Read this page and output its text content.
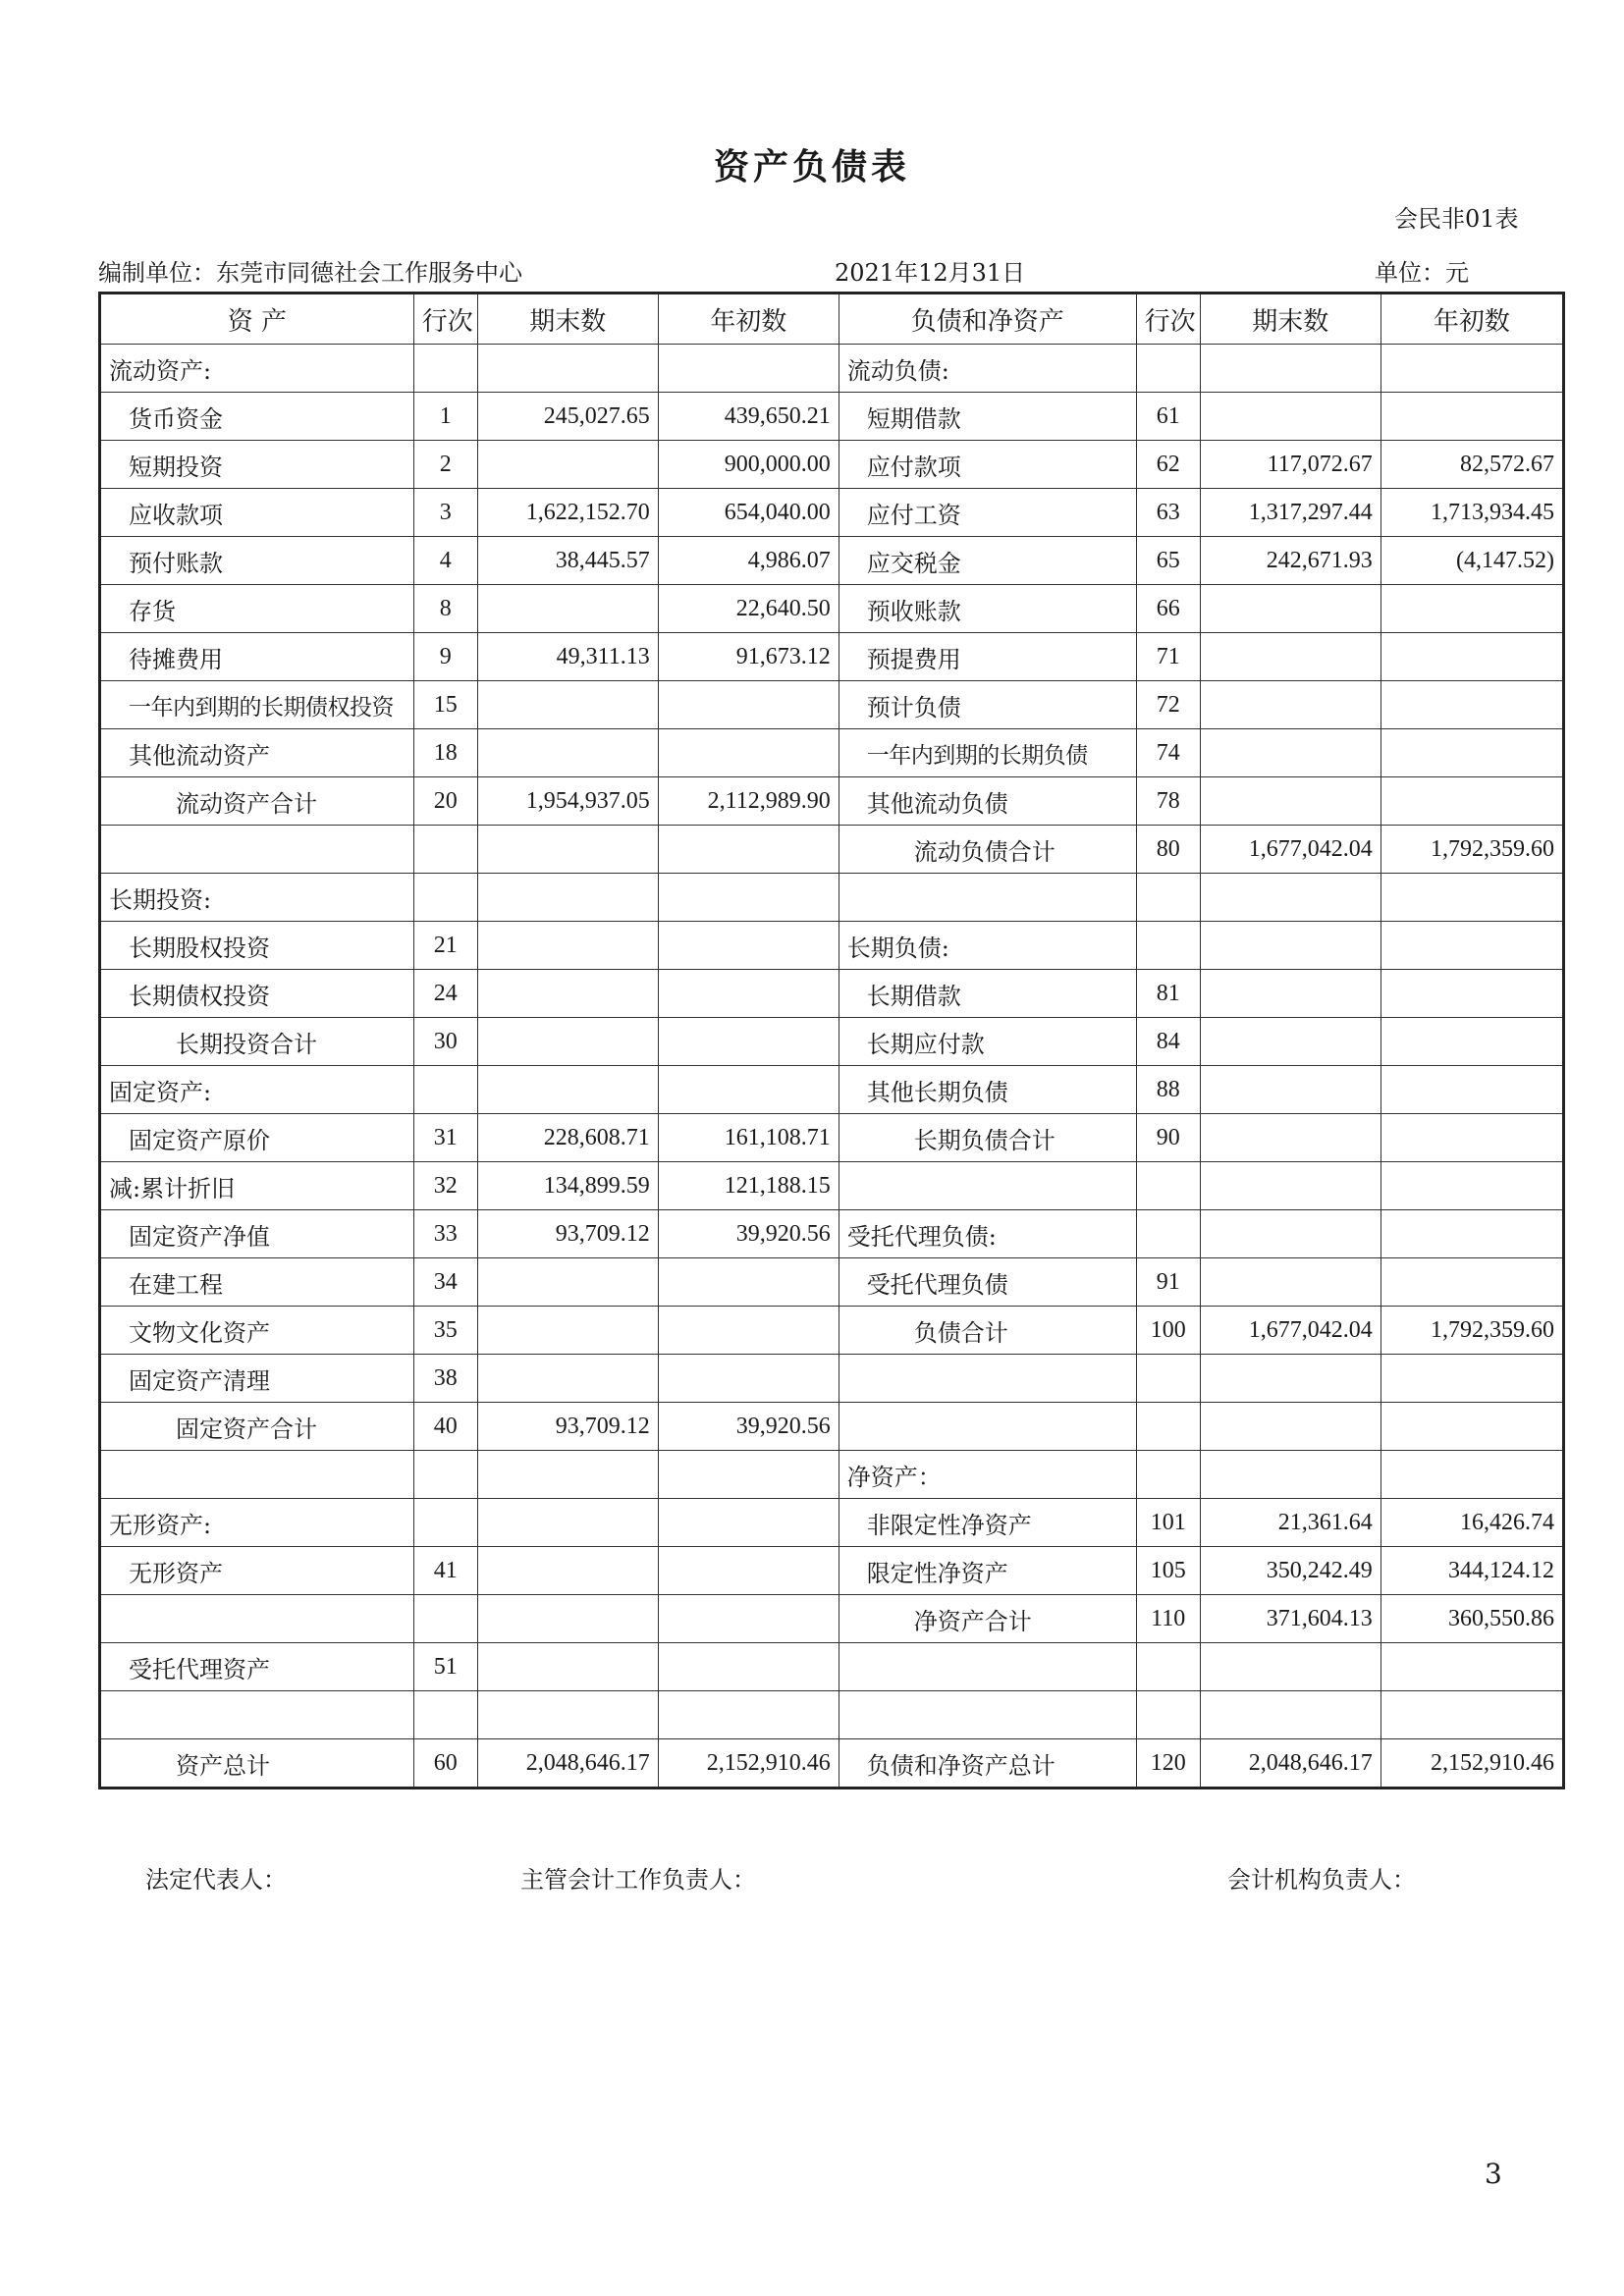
资产负债表
会民非01表
编制单位：东莞市同德社会工作服务中心	2021年12月31日	单位：元
资 产	行次	期末数	年初数	负债和净资产	行次	期末数	年初数
流动资产:				流动负债:			
货币资金	1	245,027.65	439,650.21	短期借款	61		
短期投资	2		900,000.00	应付款项	62	117,072.67	82,572.67
应收款项	3	1,622,152.70	654,040.00	应付工资	63	1,317,297.44	1,713,934.45
预付账款	4	38,445.57	4,986.07	应交税金	65	242,671.93	(4,147.52)
存货	8		22,640.50	预收账款	66		
待摊费用	9	49,311.13	91,673.12	预提费用	71		
一年内到期的长期债权投资	15			预计负债	72		
其他流动资产	18			一年内到期的长期负债	74		
流动资产合计	20	1,954,937.05	2,112,989.90	其他流动负债	78		
				流动负债合计	80	1,677,042.04	1,792,359.60
长期投资:							
长期股权投资	21			长期负债:			
长期债权投资	24			长期借款	81		
长期投资合计	30			长期应付款	84		
固定资产:				其他长期负债	88		
固定资产原价	31	228,608.71	161,108.71	长期负债合计	90		
减:累计折旧	32	134,899.59	121,188.15				
固定资产净值	33	93,709.12	39,920.56	受托代理负债:			
在建工程	34			受托代理负债	91		
文物文化资产	35			负债合计	100	1,677,042.04	1,792,359.60
固定资产清理	38						
固定资产合计	40	93,709.12	39,920.56				
				净资产：			
无形资产:				非限定性净资产	101	21,361.64	16,426.74
无形资产	41			限定性净资产	105	350,242.49	344,124.12
				净资产合计	110	371,604.13	360,550.86
受托代理资产	51						

资产总计	60	2,048,646.17	2,152,910.46	负债和净资产总计	120	2,048,646.17	2,152,910.46
法定代表人：	主管会计工作负责人：	会计机构负责人：
3
